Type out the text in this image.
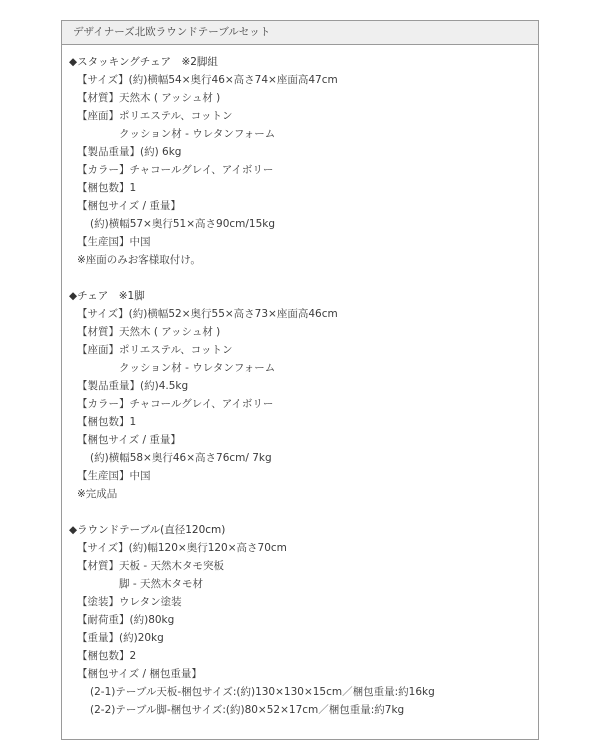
デザイナーズ北欧ラウンドテーブルセット
◆スタッキングチェア　※2脚組
【サイズ】(約)横幅54×奥行46×高さ74×座面高47cm
【材質】天然木 ( アッシュ材 )
【座面】ポリエステル、コットン
クッション材 - ウレタンフォーム
【製品重量】(約) 6kg
【カラー】チャコールグレイ、アイボリー
【梱包数】1
【梱包サイズ / 重量】
(約)横幅57×奥行51×高さ90cm/15kg
【生産国】中国
※座面のみお客様取付け。
◆チェア　※1脚
【サイズ】(約)横幅52×奥行55×高さ73×座面高46cm
【材質】天然木 ( アッシュ材 )
【座面】ポリエステル、コットン
クッション材 - ウレタンフォーム
【製品重量】(約)4.5kg
【カラー】チャコールグレイ、アイボリー
【梱包数】1
【梱包サイズ / 重量】
(約)横幅58×奥行46×高さ76cm/ 7kg
【生産国】中国
※完成品
◆ラウンドテーブル(直径120cm)
【サイズ】(約)幅120×奥行120×高さ70cm
【材質】天板 - 天然木タモ突板
脚 - 天然木タモ材
【塗装】ウレタン塗装
【耐荷重】(約)80kg
【重量】(約)20kg
【梱包数】2
【梱包サイズ / 梱包重量】
(2-1)テーブル天板-梱包サイズ:(約)130×130×15cm／梱包重量:約16kg
(2-2)テーブル脚-梱包サイズ:(約)80×52×17cm／梱包重量:約7kg
